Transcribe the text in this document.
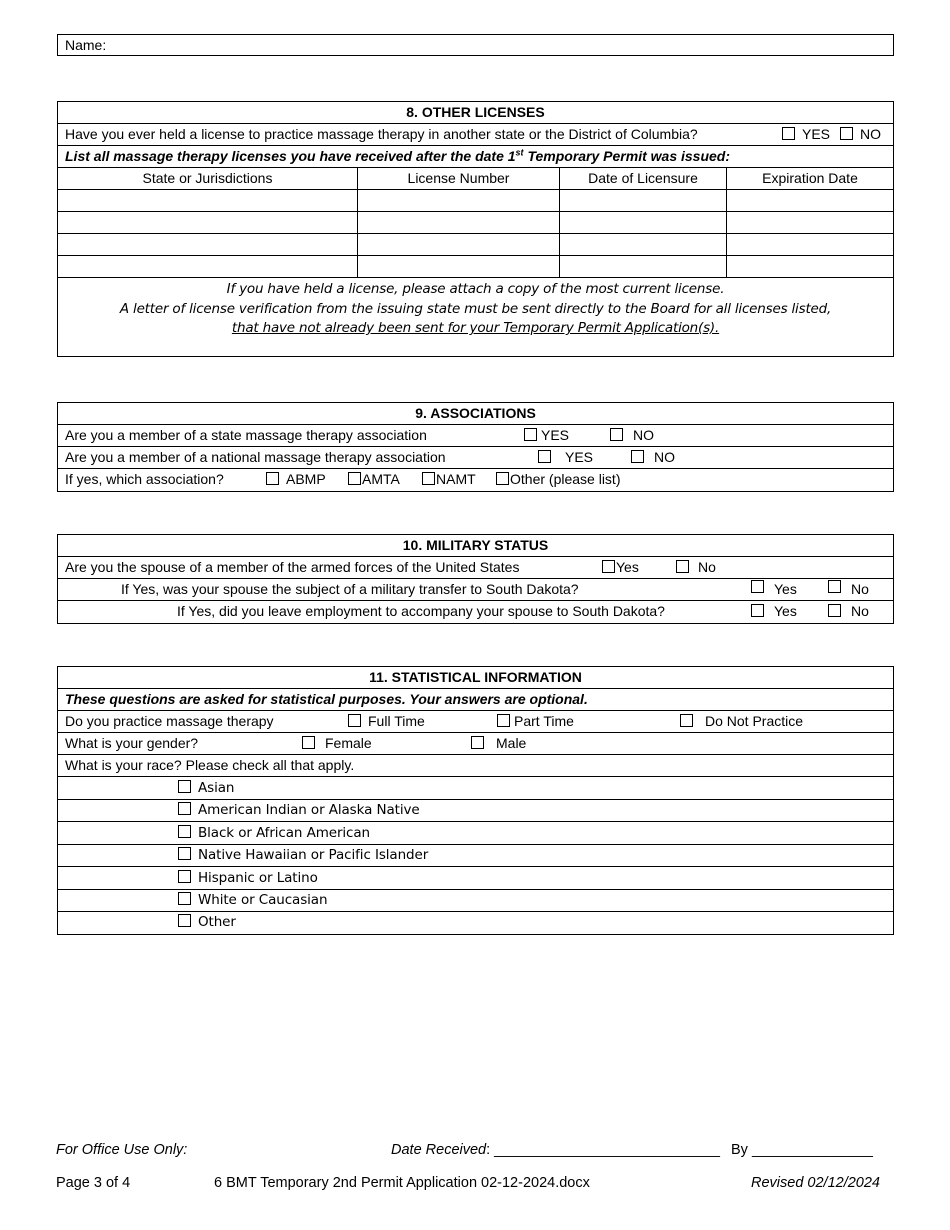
Name:
8. OTHER LICENSES
Have you ever held a license to practice massage therapy in another state or the District of Columbia?	YES	NO
List all massage therapy licenses you have received after the date 1st Temporary Permit was issued:
State or Jurisdictions	License Number	Date of Licensure	Expiration Date
If you have held a license, please attach a copy of the most current license.
A letter of license verification from the issuing state must be sent directly to the Board for all licenses listed,
that have not already been sent for your Temporary Permit Application(s).
9. ASSOCIATIONS
Are you a member of a state massage therapy association	YES	NO
Are you a member of a national massage therapy association	YES	NO
If yes, which association?	ABMP	AMTA	NAMT	Other (please list)
10. MILITARY STATUS
Are you the spouse of a member of the armed forces of the United States	Yes	No
If Yes, was your spouse the subject of a military transfer to South Dakota?	Yes	No
If Yes, did you leave employment to accompany your spouse to South Dakota?	Yes	No
11. STATISTICAL INFORMATION
These questions are asked for statistical purposes. Your answers are optional.
Do you practice massage therapy	Full Time	Part Time	Do Not Practice
What is your gender?	Female	Male
What is your race? Please check all that apply.
Asian
American Indian or Alaska Native
Black or African American
Native Hawaiian or Pacific Islander
Hispanic or Latino
White or Caucasian
Other
For Office Use Only:	Date Received: ____________________________ By _______________
Page 3 of 4	6 BMT Temporary 2nd Permit Application 02-12-2024.docx	Revised 02/12/2024
